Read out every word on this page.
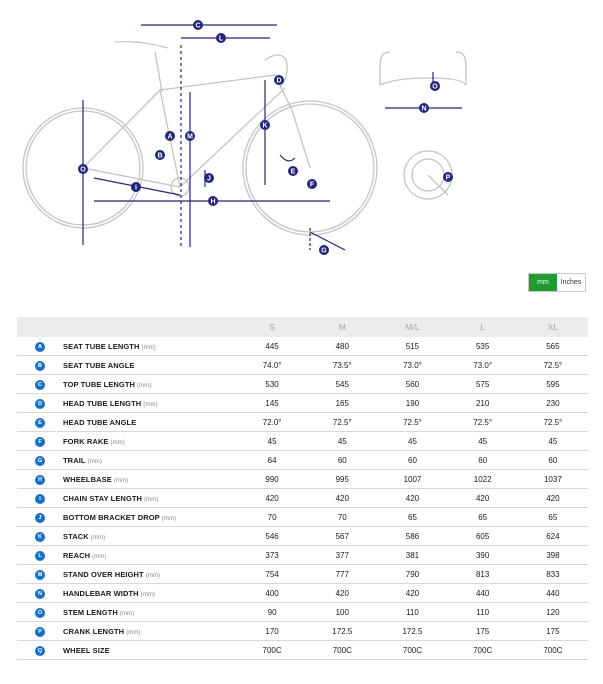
A
B
C
D
E
F
G
H
I
J
K
L
M
N
O
O
P
mm	Inches
		S	M	M/L	L	XL
A	SEAT TUBE LENGTH (mm)	445	480	515	535	565
B	SEAT TUBE ANGLE	74.0°	73.5°	73.0°	73.0°	72.5°
C	TOP TUBE LENGTH (mm)	530	545	560	575	595
D	HEAD TUBE LENGTH (mm)	145	165	190	210	230
E	HEAD TUBE ANGLE	72.0°	72.5°	72.5°	72.5°	72.5°
F	FORK RAKE (mm)	45	45	45	45	45
G	TRAIL (mm)	64	60	60	60	60
H	WHEELBASE (mm)	990	995	1007	1022	1037
I	CHAIN STAY LENGTH (mm)	420	420	420	420	420
J	BOTTOM BRACKET DROP (mm)	70	70	65	65	65
K	STACK (mm)	546	567	586	605	624
L	REACH (mm)	373	377	381	390	398
M	STAND OVER HEIGHT (mm)	754	777	790	813	833
N	HANDLEBAR WIDTH (mm)	400	420	420	440	440
O	STEM LENGTH (mm)	90	100	110	110	120
P	CRANK LENGTH (mm)	170	172.5	172.5	175	175
Q	WHEEL SIZE	700C	700C	700C	700C	700C
